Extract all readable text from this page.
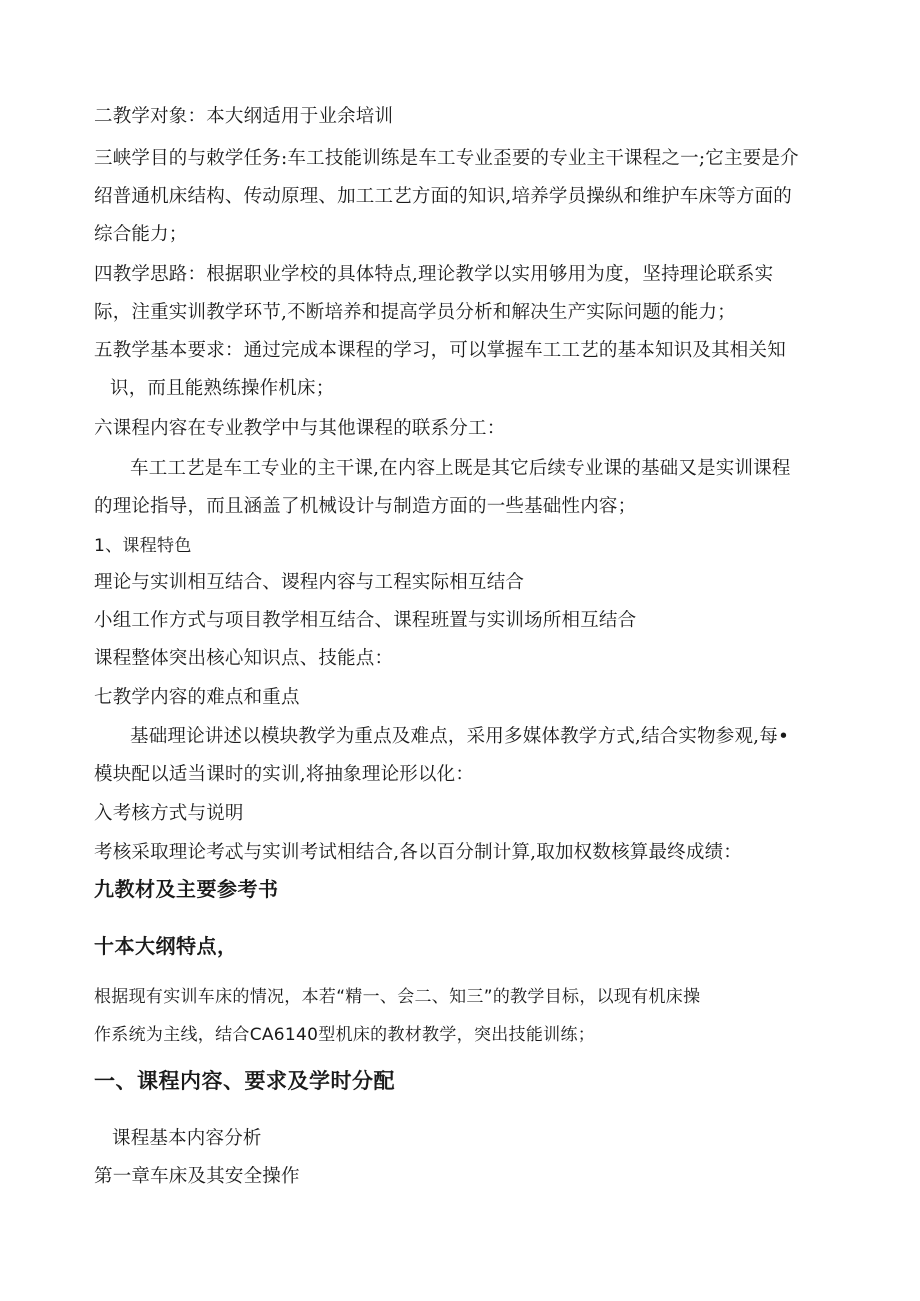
二教学对象：本大纲适用于业余培训
三峡学目的与敕学任务:车工技能训练是车工专业歪要的专业主干课程之一;它主要是介
绍普通机床结构、传动原理、加工工艺方面的知识,培养学员操纵和维护车床等方面的
综合能力；
四教学思路：根据职业学校的具体特点,理论教学以实用够用为度，坚持理论联系实
际，注重实训教学环节,不断培养和提高学员分析和解决生产实际问题的能力；
五教学基本要求：通过完成本课程的学习，可以掌握车工工艺的基本知识及其相关知
识，而且能熟练操作机床；
六课程内容在专业教学中与其他课程的联系分工：
车工工艺是车工专业的主干课,在内容上既是其它后续专业课的基础又是实训课程
的理论指导，而且涵盖了机械设计与制造方面的一些基础性内容；
1、课程特色
理论与实训相互结合、谡程内容与工程实际相互结合
小组工作方式与项目教学相互结合、课程班置与实训场所相互结合
课程整体突出核心知识点、技能点：
七教学内容的难点和重点
基础理论讲述以模块教学为重点及难点，采用多媒体教学方式,结合实物参观,每•
模块配以适当课时的实训,将抽象理论形以化：
入考核方式与说明
考核采取理论考忒与实训考试相结合,各以百分制计算,取加权数核算最终成绩：
九教材及主要参考书
十本大纲特点，
根据现有实训车床的情况，本若“精一、会二、知三”的教学目标，以现有机床操
作系统为主线，结合CA6140型机床的教材教学，突出技能训练；
一、课程内容、要求及学时分配
课程基本内容分析
第一章车床及其安全操作
